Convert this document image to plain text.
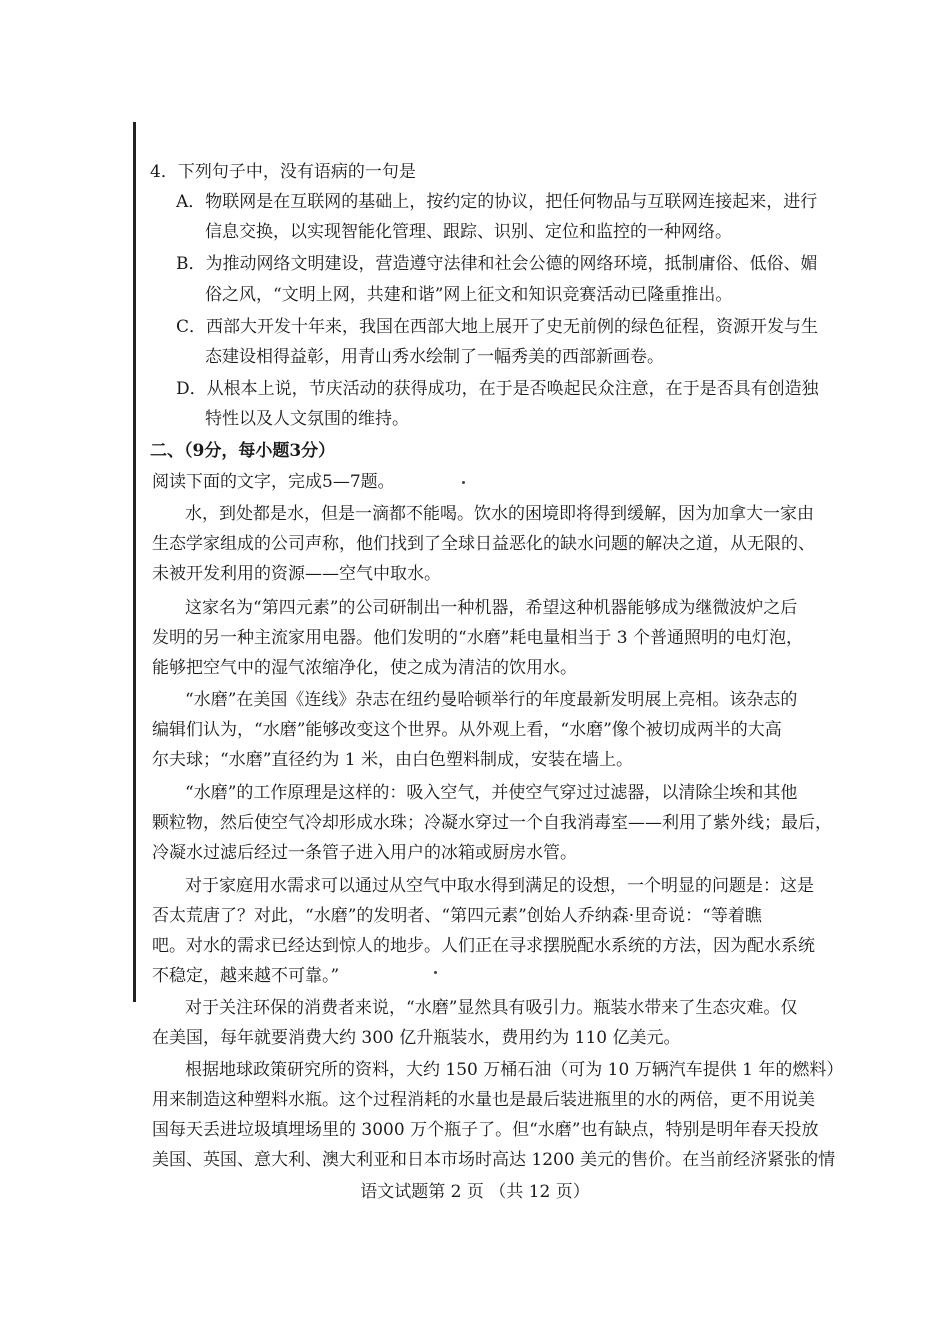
4．下列句子中，没有语病的一句是
A．物联网是在互联网的基础上，按约定的协议，把任何物品与互联网连接起来，进行
信息交换，以实现智能化管理、跟踪、识别、定位和监控的一种网络。
B．为推动网络文明建设，营造遵守法律和社会公德的网络环境，抵制庸俗、低俗、媚
俗之风，“文明上网，共建和谐”网上征文和知识竞赛活动已隆重推出。
C．西部大开发十年来，我国在西部大地上展开了史无前例的绿色征程，资源开发与生
态建设相得益彰，用青山秀水绘制了一幅秀美的西部新画卷。
D．从根本上说，节庆活动的获得成功，在于是否唤起民众注意，在于是否具有创造独
特性以及人文氛围的维持。
二、（9分，每小题3分）
阅读下面的文字，完成5—7题。
水，到处都是水，但是一滴都不能喝。饮水的困境即将得到缓解，因为加拿大一家由
生态学家组成的公司声称，他们找到了全球日益恶化的缺水问题的解决之道，从无限的、
未被开发利用的资源——空气中取水。
这家名为“第四元素”的公司研制出一种机器，希望这种机器能够成为继微波炉之后
发明的另一种主流家用电器。他们发明的“水磨”耗电量相当于 3 个普通照明的电灯泡，
能够把空气中的湿气浓缩净化，使之成为清洁的饮用水。
“水磨”在美国《连线》杂志在纽约曼哈顿举行的年度最新发明展上亮相。该杂志的
编辑们认为，“水磨”能够改变这个世界。从外观上看，“水磨”像个被切成两半的大高
尔夫球；“水磨”直径约为 1 米，由白色塑料制成，安装在墙上。
“水磨”的工作原理是这样的：吸入空气，并使空气穿过过滤器，以清除尘埃和其他
颗粒物，然后使空气冷却形成水珠；冷凝水穿过一个自我消毒室——利用了紫外线；最后，
冷凝水过滤后经过一条管子进入用户的冰箱或厨房水管。
对于家庭用水需求可以通过从空气中取水得到满足的设想，一个明显的问题是：这是
否太荒唐了？对此，“水磨”的发明者、“第四元素”创始人乔纳森·里奇说：“等着瞧
吧。对水的需求已经达到惊人的地步。人们正在寻求摆脱配水系统的方法，因为配水系统
不稳定，越来越不可靠。”
对于关注环保的消费者来说，“水磨”显然具有吸引力。瓶装水带来了生态灾难。仅
在美国，每年就要消费大约 300 亿升瓶装水，费用约为 110 亿美元。
根据地球政策研究所的资料，大约 150 万桶石油（可为 10 万辆汽车提供 1 年的燃料）
用来制造这种塑料水瓶。这个过程消耗的水量也是最后装进瓶里的水的两倍，更不用说美
国每天丢进垃圾填埋场里的 3000 万个瓶子了。但“水磨”也有缺点，特别是明年春天投放
美国、英国、意大利、澳大利亚和日本市场时高达 1200 美元的售价。在当前经济紧张的情
语文试题第 2 页 （共 12 页）
